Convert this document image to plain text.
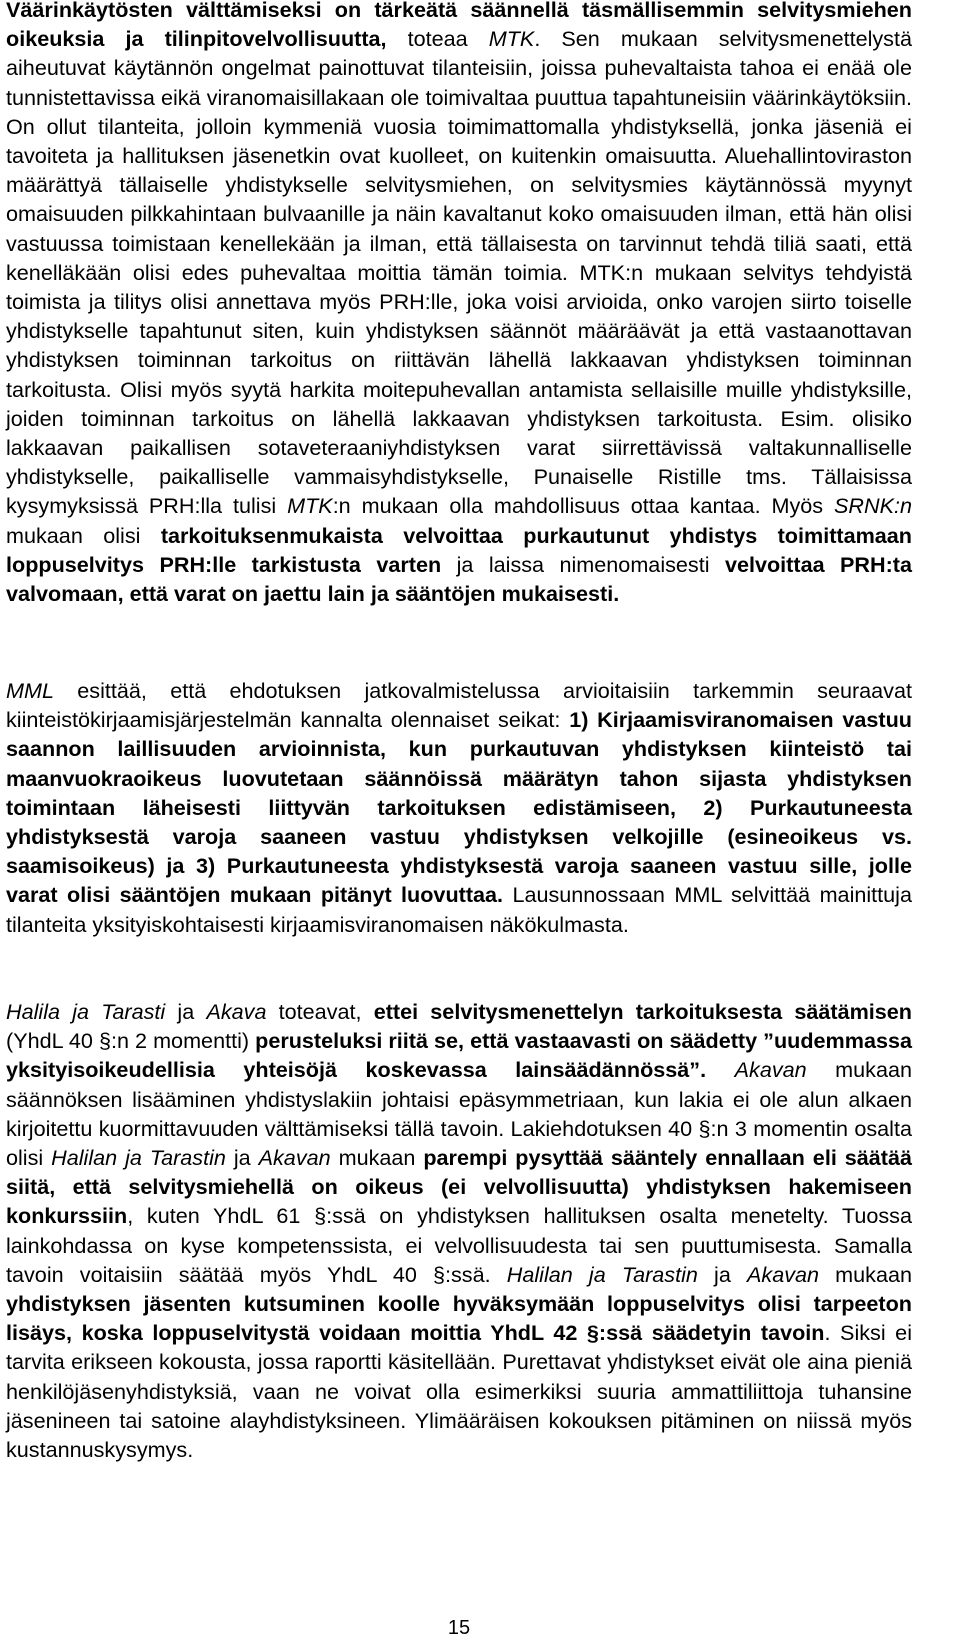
Väärinkäytösten välttämiseksi on tärkeätä säännellä täsmällisemmin selvitysmiehen oikeuksia ja tilinpitovelvollisuutta, toteaa MTK. Sen mukaan selvitysmenettelystä aiheutuvat käytännön ongelmat painottuvat tilanteisiin, joissa puhevaltaista tahoa ei enää ole tunnistettavissa eikä viranomaisillakaan ole toimivaltaa puuttua tapahtuneisiin väärinkäytöksiin. On ollut tilanteita, jolloin kymmeniä vuosia toimimattomalla yhdistyksellä, jonka jäseniä ei tavoiteta ja hallituksen jäsenetkin ovat kuolleet, on kuitenkin omaisuutta. Aluehallintoviraston määrättyä tällaiselle yhdistykselle selvitysmiehen, on selvitysmies käytännössä myynyt omaisuuden pilkkahintaan bulvaanille ja näin kavaltanut koko omaisuuden ilman, että hän olisi vastuussa toimistaan kenellekään ja ilman, että tällaisesta on tarvinnut tehdä tiliä saati, että kenelläkään olisi edes puhevaltaa moittia tämän toimia. MTK:n mukaan selvitys tehdyistä toimista ja tilitys olisi annettava myös PRH:lle, joka voisi arvioida, onko varojen siirto toiselle yhdistykselle tapahtunut siten, kuin yhdistyksen säännöt määräävät ja että vastaanottavan yhdistyksen toiminnan tarkoitus on riittävän lähellä lakkaavan yhdistyksen toiminnan tarkoitusta. Olisi myös syytä harkita moitepuhevallan antamista sellaisille muille yhdistyksille, joiden toiminnan tarkoitus on lähellä lakkaavan yhdistyksen tarkoitusta. Esim. olisiko lakkaavan paikallisen sotaveteraaniyhdistyksen varat siirrettävissä valtakunnalliselle yhdistykselle, paikalliselle vammaisyhdistykselle, Punaiselle Ristille tms. Tällaisissa kysymyksissä PRH:lla tulisi MTK:n mukaan olla mahdollisuus ottaa kantaa. Myös SRNK:n mukaan olisi tarkoituksenmukaista velvoittaa purkautunut yhdistys toimittamaan loppuselvitys PRH:lle tarkistusta varten ja laissa nimenomaisesti velvoittaa PRH:ta valvomaan, että varat on jaettu lain ja sääntöjen mukaisesti.

MML esittää, että ehdotuksen jatkovalmistelussa arvioitaisiin tarkemmin seuraavat kiinteistökirjaamisjärjestelmän kannalta olennaiset seikat: 1) Kirjaamisviranomaisen vastuu saannon laillisuuden arvioinnista, kun purkautuvan yhdistyksen kiinteistö tai maanvuokraoikeus luovutetaan säännöissä määrätyn tahon sijasta yhdistyksen toimintaan läheisesti liittyvän tarkoituksen edistämiseen, 2) Purkautuneesta yhdistyksestä varoja saaneen vastuu yhdistyksen velkojille (esineoikeus vs. saamisoikeus) ja 3) Purkautuneesta yhdistyksestä varoja saaneen vastuu sille, jolle varat olisi sääntöjen mukaan pitänyt luovuttaa. Lausunnossaan MML selvittää mainittuja tilanteita yksityiskohtaisesti kirjaamisviranomaisen näkökulmasta.

Halila ja Tarasti ja Akava toteavat, ettei selvitysmenettelyn tarkoituksesta säätämisen (YhdL 40 §:n 2 momentti) perusteluksi riitä se, että vastaavasti on säädetty ”uudemmassa yksityisoikeudellisia yhteisöjä koskevassa lainsäädännössä”. Akavan mukaan säännöksen lisääminen yhdistyslakiin johtaisi epäsymmetriaan, kun lakia ei ole alun alkaen kirjoitettu kuormittavuuden välttämiseksi tällä tavoin. Lakiehdotuksen 40 §:n 3 momentin osalta olisi Halilan ja Tarastin ja Akavan mukaan parempi pysyttää sääntely ennallaan eli säätää siitä, että selvitysmiehellä on oikeus (ei velvollisuutta) yhdistyksen hakemiseen konkurssiin, kuten YhdL 61 §:ssä on yhdistyksen hallituksen osalta menetelty. Tuossa lainkohdassa on kyse kompetenssista, ei velvollisuudesta tai sen puuttumisesta. Samalla tavoin voitaisiin säätää myös YhdL 40 §:ssä. Halilan ja Tarastin ja Akavan mukaan yhdistyksen jäsenten kutsuminen koolle hyväksymään loppuselvitys olisi tarpeeton lisäys, koska loppuselvitystä voidaan moittia YhdL 42 §:ssä säädetyin tavoin. Siksi ei tarvita erikseen kokousta, jossa raportti käsitellään. Purettavat yhdistykset eivät ole aina pieniä henkilöjäsenyhdistyksiä, vaan ne voivat olla esimerkiksi suuria ammattiliittoja tuhansine jäsenineen tai satoine alayhdistyksineen. Ylimääräisen kokouksen pitäminen on niissä myös kustannuskysymys.

15
